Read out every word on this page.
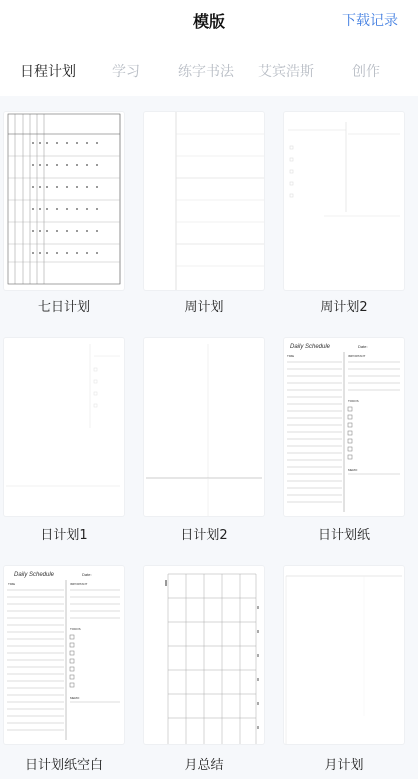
模版	下载记录
日程计划	学习	练字书法 艾宾浩斯	创作
七日计划	周计划	周计划2
日计划1	日计划2
Daily Schedule	Date:
TIME	IMPORTANT
TODOS
MEMO
日计划纸
Daily Schedule	Date:
TIME	IMPORTANT
TODOS
MEMO
日计划纸空白	月总结	月计划
